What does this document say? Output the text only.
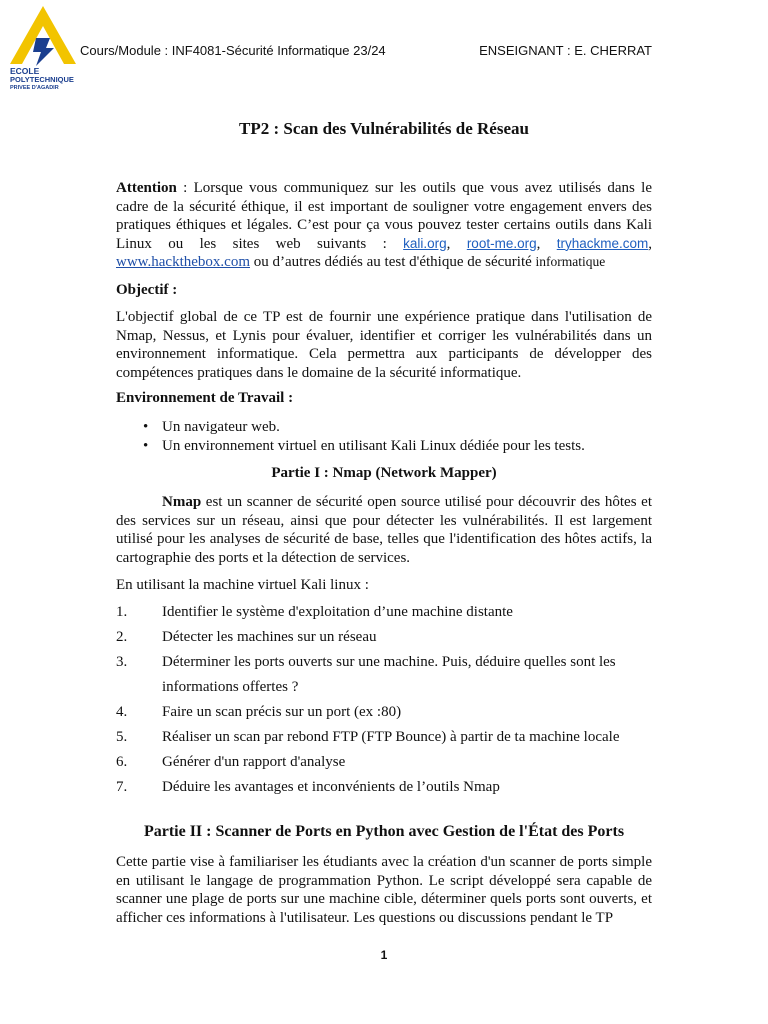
ECOLE
POLYTECHNIQUE
PRIVEE D'AGADIR
Cours/Module : INF4081-Sécurité Informatique 23/24	ENSEIGNANT : E. CHERRAT
TP2 : Scan des Vulnérabilités de Réseau

Attention : Lorsque vous communiquez sur les outils que vous avez utilisés dans le cadre de la sécurité éthique, il est important de souligner votre engagement envers des pratiques éthiques et légales. C’est pour ça vous pouvez tester certains outils dans Kali Linux ou les sites web suivants : kali.org, root-me.org, tryhackme.com, www.hackthebox.com ou d’autres dédiés au test d'éthique de sécurité informatique

Objectif :
L'objectif global de ce TP est de fournir une expérience pratique dans l'utilisation de Nmap, Nessus, et Lynis pour évaluer, identifier et corriger les vulnérabilités dans un environnement informatique. Cela permettra aux participants de développer des compétences pratiques dans le domaine de la sécurité informatique.
Environnement de Travail :
• Un navigateur web.
• Un environnement virtuel en utilisant Kali Linux dédiée pour les tests.
Partie I : Nmap (Network Mapper)

Nmap est un scanner de sécurité open source utilisé pour découvrir des hôtes et des services sur un réseau, ainsi que pour détecter les vulnérabilités. Il est largement utilisé pour les analyses de sécurité de base, telles que l'identification des hôtes actifs, la cartographie des ports et la détection de services.

En utilisant la machine virtuel Kali linux :
1. Identifier le système d'exploitation d’une machine distante
2. Détecter les machines sur un réseau
3. Déterminer les ports ouverts sur une machine. Puis, déduire quelles sont les informations offertes ?
4. Faire un scan précis sur un port (ex :80)
5. Réaliser un scan par rebond FTP (FTP Bounce) à partir de ta machine locale
6. Générer d'un rapport d'analyse
7. Déduire les avantages et inconvénients de l’outils Nmap
Partie II : Scanner de Ports en Python avec Gestion de l'État des Ports
Cette partie vise à familiariser les étudiants avec la création d'un scanner de ports simple en utilisant le langage de programmation Python. Le script développé sera capable de scanner une plage de ports sur une machine cible, déterminer quels ports sont ouverts, et afficher ces informations à l'utilisateur. Les questions ou discussions pendant le TP
1
